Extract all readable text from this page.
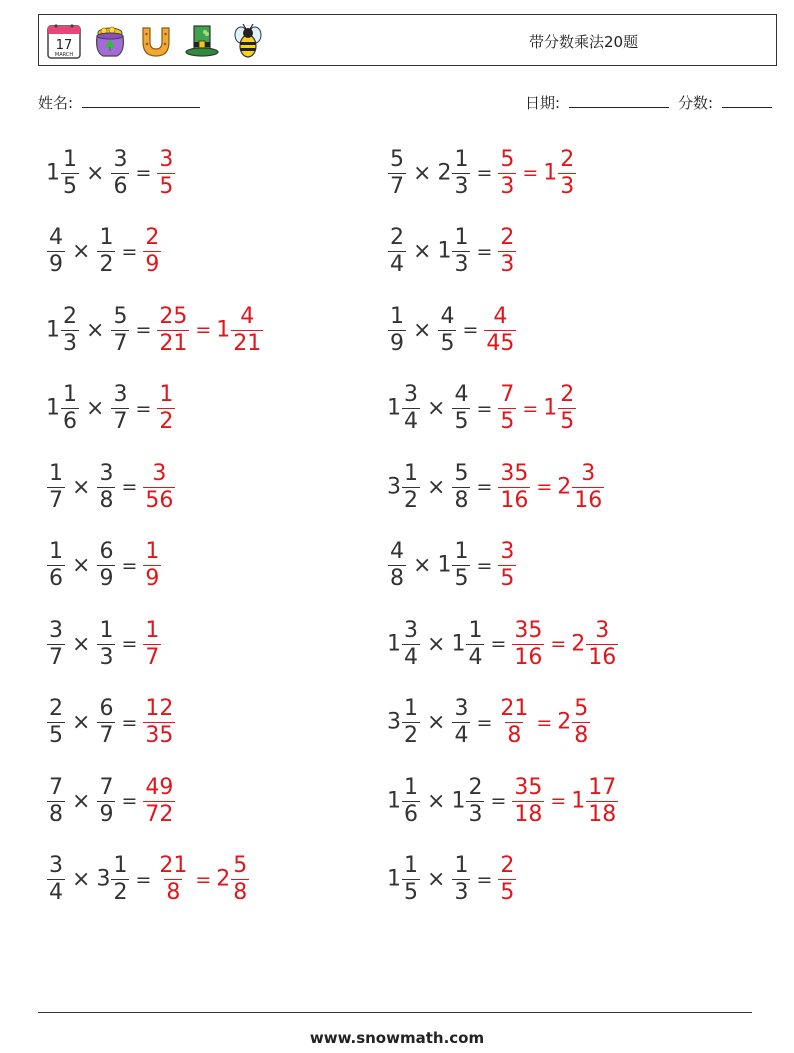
17
MARCH
带分数乘法20题
姓名:	日期:	分数:
$1 \frac{1}{5} \times \frac{3}{6} = \frac{3}{5}$	$\frac{5}{7} \times 2 \frac{1}{3} = \frac{5}{3} = 1 \frac{2}{3}$
$\frac{4}{9} \times \frac{1}{2} = \frac{2}{9}$	$\frac{2}{4} \times 1 \frac{1}{3} = \frac{2}{3}$
$1 \frac{2}{3} \times \frac{5}{7} = \frac{25}{21} = 1 \frac{4}{21}$	$\frac{1}{9} \times \frac{4}{5} = \frac{4}{45}$
$1 \frac{1}{6} \times \frac{3}{7} = \frac{1}{2}$	$1 \frac{3}{4} \times \frac{4}{5} = \frac{7}{5} = 1 \frac{2}{5}$
$\frac{1}{7} \times \frac{3}{8} = \frac{3}{56}$	$3 \frac{1}{2} \times \frac{5}{8} = \frac{35}{16} = 2 \frac{3}{16}$
$\frac{1}{6} \times \frac{6}{9} = \frac{1}{9}$	$\frac{4}{8} \times 1 \frac{1}{5} = \frac{3}{5}$
$\frac{3}{7} \times \frac{1}{3} = \frac{1}{7}$	$1 \frac{3}{4} \times 1 \frac{1}{4} = \frac{35}{16} = 2 \frac{3}{16}$
$\frac{2}{5} \times \frac{6}{7} = \frac{12}{35}$	$3 \frac{1}{2} \times \frac{3}{4} = \frac{21}{8} = 2 \frac{5}{8}$
$\frac{7}{8} \times \frac{7}{9} = \frac{49}{72}$	$1 \frac{1}{6} \times 1 \frac{2}{3} = \frac{35}{18} = 1 \frac{17}{18}$
$\frac{3}{4} \times 3 \frac{1}{2} = \frac{21}{8} = 2 \frac{5}{8}$	$1 \frac{1}{5} \times \frac{1}{3} = \frac{2}{5}$
www.snowmath.com
